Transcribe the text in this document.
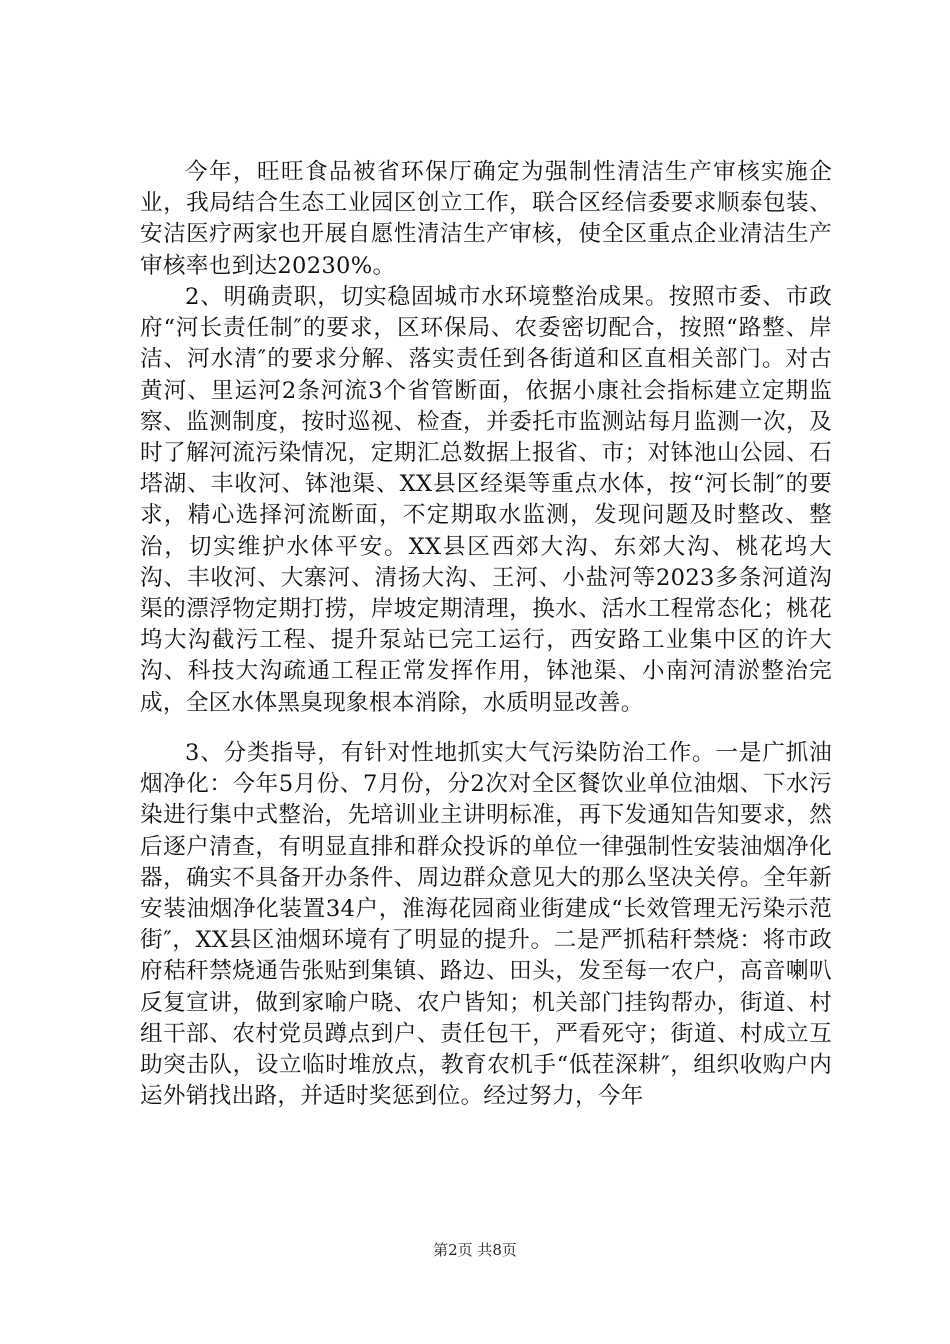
今年，旺旺食品被省环保厅确定为强制性清洁生产审核实施企业，我局结合生态工业园区创立工作，联合区经信委要求顺泰包装、安洁医疗两家也开展自愿性清洁生产审核，使全区重点企业清洁生产审核率也到达20230%。

2、明确责职，切实稳固城市水环境整治成果。按照市委、市政府“河长责任制″的要求，区环保局、农委密切配合，按照“路整、岸洁、河水清″的要求分解、落实责任到各街道和区直相关部门。对古黄河、里运河2条河流3个省管断面，依据小康社会指标建立定期监察、监测制度，按时巡视、检查，并委托市监测站每月监测一次，及时了解河流污染情况，定期汇总数据上报省、市；对钵池山公园、石塔湖、丰收河、钵池渠、XX县区经渠等重点水体，按“河长制″的要求，精心选择河流断面，不定期取水监测，发现问题及时整改、整治，切实维护水体平安。XX县区西郊大沟、东郊大沟、桃花坞大沟、丰收河、大寨河、清扬大沟、王河、小盐河等2023多条河道沟渠的漂浮物定期打捞，岸坡定期清理，换水、活水工程常态化；桃花坞大沟截污工程、提升泵站已完工运行，西安路工业集中区的许大沟、科技大沟疏通工程正常发挥作用，钵池渠、小南河清淤整治完成，全区水体黑臭现象根本消除，水质明显改善。

3、分类指导，有针对性地抓实大气污染防治工作。一是广抓油烟净化：今年5月份、7月份，分2次对全区餐饮业单位油烟、下水污染进行集中式整治，先培训业主讲明标准，再下发通知告知要求，然后逐户清查，有明显直排和群众投诉的单位一律强制性安装油烟净化器，确实不具备开办条件、周边群众意见大的那么坚决关停。全年新安装油烟净化装置34户，淮海花园商业街建成“长效管理无污染示范街″，XX县区油烟环境有了明显的提升。二是严抓秸秆禁烧：将市政府秸秆禁烧通告张贴到集镇、路边、田头，发至每一农户，高音喇叭反复宣讲，做到家喻户晓、农户皆知；机关部门挂钩帮办，街道、村组干部、农村党员蹲点到户、责任包干，严看死守；街道、村成立互助突击队，设立临时堆放点，教育农机手“低茬深耕″，组织收购户内运外销找出路，并适时奖惩到位。经过努力，今年

第2页 共8页
